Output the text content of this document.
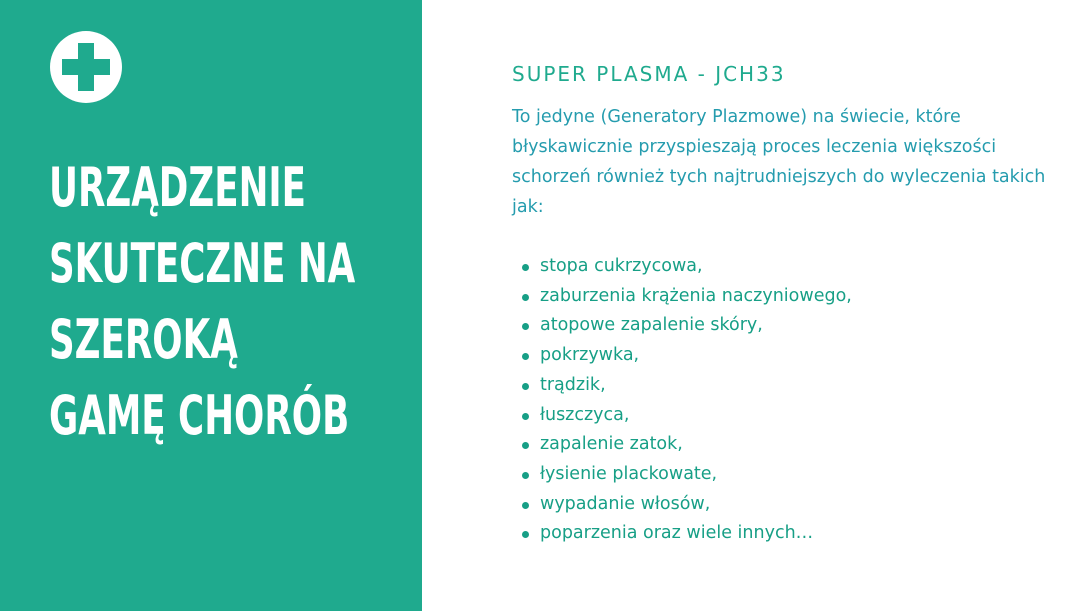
URZĄDZENIE
SKUTECZNE NA
SZEROKĄ
GAMĘ CHORÓB
SUPER PLASMA - JCH33

To jedyne (Generatory Plazmowe) na świecie, które błyskawicznie przyspieszają proces leczenia większości schorzeń również tych najtrudniejszych do wyleczenia takich jak:

stopa cukrzycowa,
zaburzenia krążenia naczyniowego,
atopowe zapalenie skóry,
pokrzywka,
trądzik,
łuszczyca,
zapalenie zatok,
łysienie plackowate,
wypadanie włosów,
poparzenia oraz wiele innych…
